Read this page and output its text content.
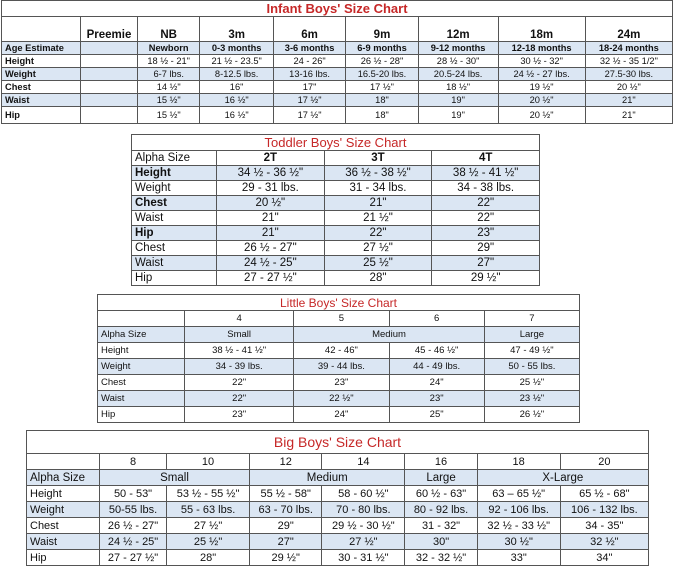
Infant Boys' Size Chart								
	Preemie	NB	3m	6m	9m	12m	18m	24m
Age Estimate		Newborn	0-3 months	3-6 months	6-9 months	9-12 months	12-18 months	18-24 months
Height		18 ½ - 21"	21 ½ - 23.5"	24 - 26"	26 ½ - 28"	28 ½ - 30"	30 ½ - 32"	32 ½ - 35 1/2"
Weight		6-7 lbs.	8-12.5 lbs.	13-16 lbs.	16.5-20 lbs.	20.5-24 lbs.	24 ½ - 27 lbs.	27.5-30 lbs.
Chest		14 ½"	16"	17"	17 ½"	18 ½"	19 ½"	20 ½"
Waist		15 ½"	16 ½"	17 ½"	18"	19"	20 ½"	21"
Hip		15 ½"	16 ½"	17 ½"	18"	19"	20 ½"	21"
Toddler Boys' Size Chart			
Alpha Size	2T	3T	4T
Height	34 ½ - 36 ½"	36 ½ - 38 ½"	38 ½ - 41 ½"
Weight	29 - 31 lbs.	31 - 34 lbs.	34 - 38 lbs.
Chest	20 ½"	21"	22"
Waist	21"	21 ½"	22"
Hip	21"	22"	23"
Chest	26 ½ - 27"	27 ½"	29"
Waist	24 ½ - 25"	25 ½"	27"
Hip	27 - 27 ½"	28"	29 ½"
Little Boys' Size Chart				
	4	5	6	7
Alpha Size	Small	Medium		Large
Height	38 ½ - 41 ½"	42 - 46"	45 - 46 ½"	47 - 49 ½"
Weight	34 - 39 lbs.	39 - 44 lbs.	44 - 49 lbs.	50 - 55 lbs.
Chest	22"	23"	24"	25 ½"
Waist	22"	22 ½"	23"	23 ½"
Hip	23"	24"	25"	26 ½"
Big Boys' Size Chart							
	8	10	12	14	16	18	20
Alpha Size	Small		Medium		Large	X-Large	
Height	50 - 53"	53 ½ - 55 ½"	55 ½ - 58"	58 - 60 ½"	60 ½ - 63"	63 – 65 ½"	65 ½ - 68"
Weight	50-55 lbs.	55 - 63 lbs.	63 - 70 lbs.	70 - 80 lbs.	80 - 92 lbs.	92 - 106 lbs.	106 - 132 lbs.
Chest	26 ½ - 27"	27 ½"	29"	29 ½ - 30 ½"	31 - 32"	32 ½ - 33 ½"	34 - 35"
Waist	24 ½ - 25"	25 ½"	27"	27 ½"	30"	30 ½"	32 ½"
Hip	27 - 27 ½"	28"	29 ½"	30 - 31 ½"	32 - 32 ½"	33"	34"
